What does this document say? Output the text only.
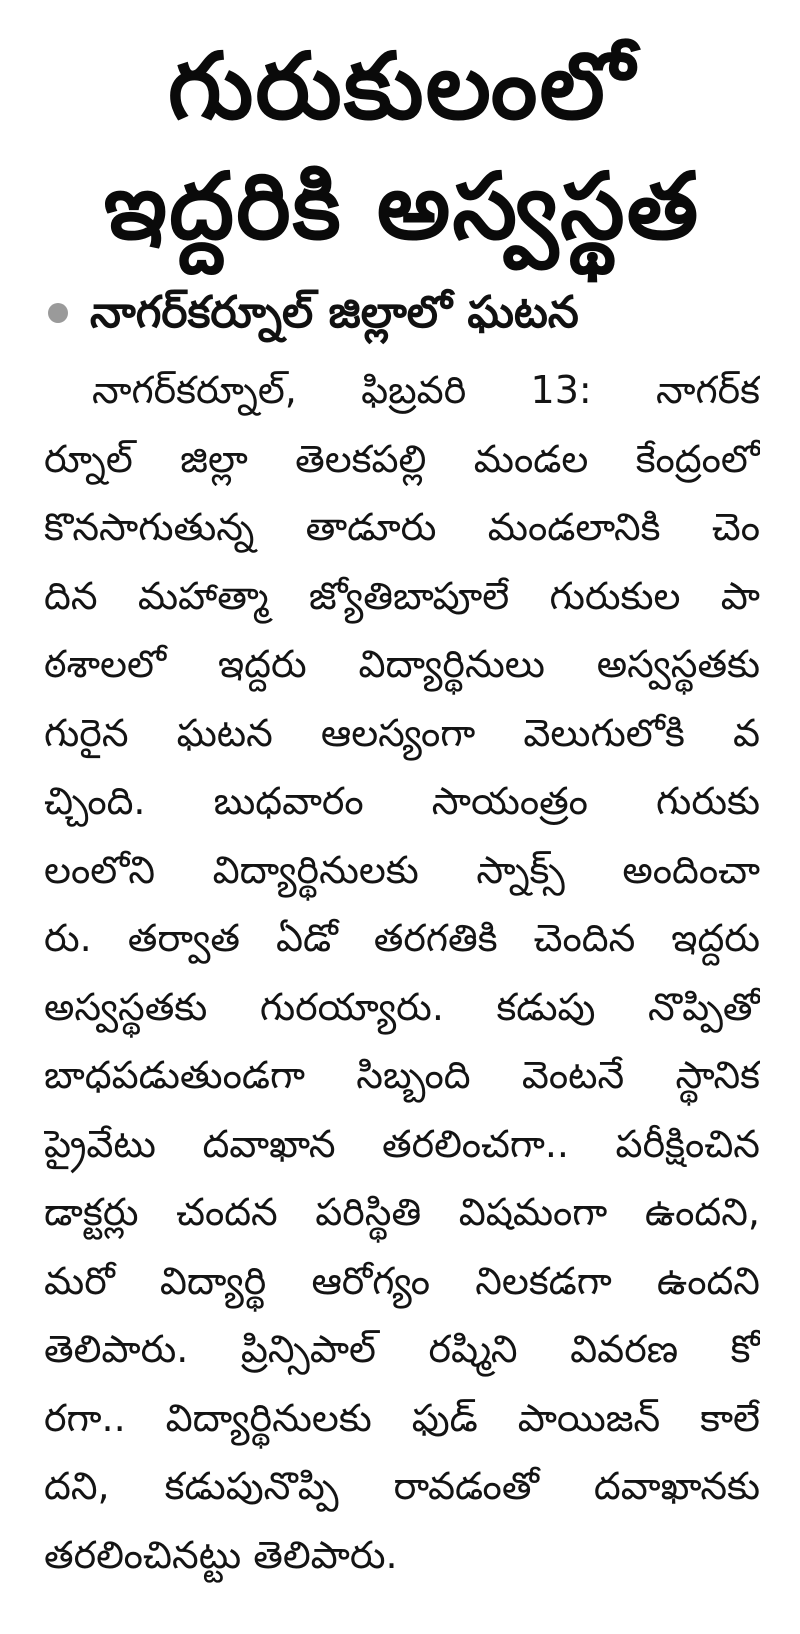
గురుకులంలో
ఇద్దరికి అస్వస్థత
నాగర్‌కర్నూల్ జిల్లాలో ఘటన
నాగర్‌కర్నూల్, ఫిబ్రవరి 13: నాగర్‌క
ర్నూల్ జిల్లా తెలకపల్లి మండల కేంద్రంలో
కొనసాగుతున్న తాడూరు మండలానికి చెం
దిన మహాత్మా జ్యోతిబాపూలే గురుకుల పా
ఠశాలలో ఇద్దరు విద్యార్థినులు అస్వస్థతకు
గురైన ఘటన ఆలస్యంగా వెలుగులోకి వ
చ్చింది. బుధవారం సాయంత్రం గురుకు
లంలోని విద్యార్థినులకు స్నాక్స్ అందించా
రు. తర్వాత ఏడో తరగతికి చెందిన ఇద్దరు
అస్వస్థతకు గురయ్యారు. కడుపు నొప్పితో
బాధపడుతుండగా సిబ్బంది వెంటనే స్థానిక
ప్రైవేటు దవాఖాన తరలించగా.. పరీక్షించిన
డాక్టర్లు చందన పరిస్థితి విషమంగా ఉందని,
మరో విద్యార్థి ఆరోగ్యం నిలకడగా ఉందని
తెలిపారు. ప్రిన్సిపాల్ రష్మిని వివరణ కో
రగా.. విద్యార్థినులకు ఫుడ్ పాయిజన్ కాలే
దని, కడుపునొప్పి రావడంతో దవాఖానకు
తరలించినట్టు తెలిపారు.
